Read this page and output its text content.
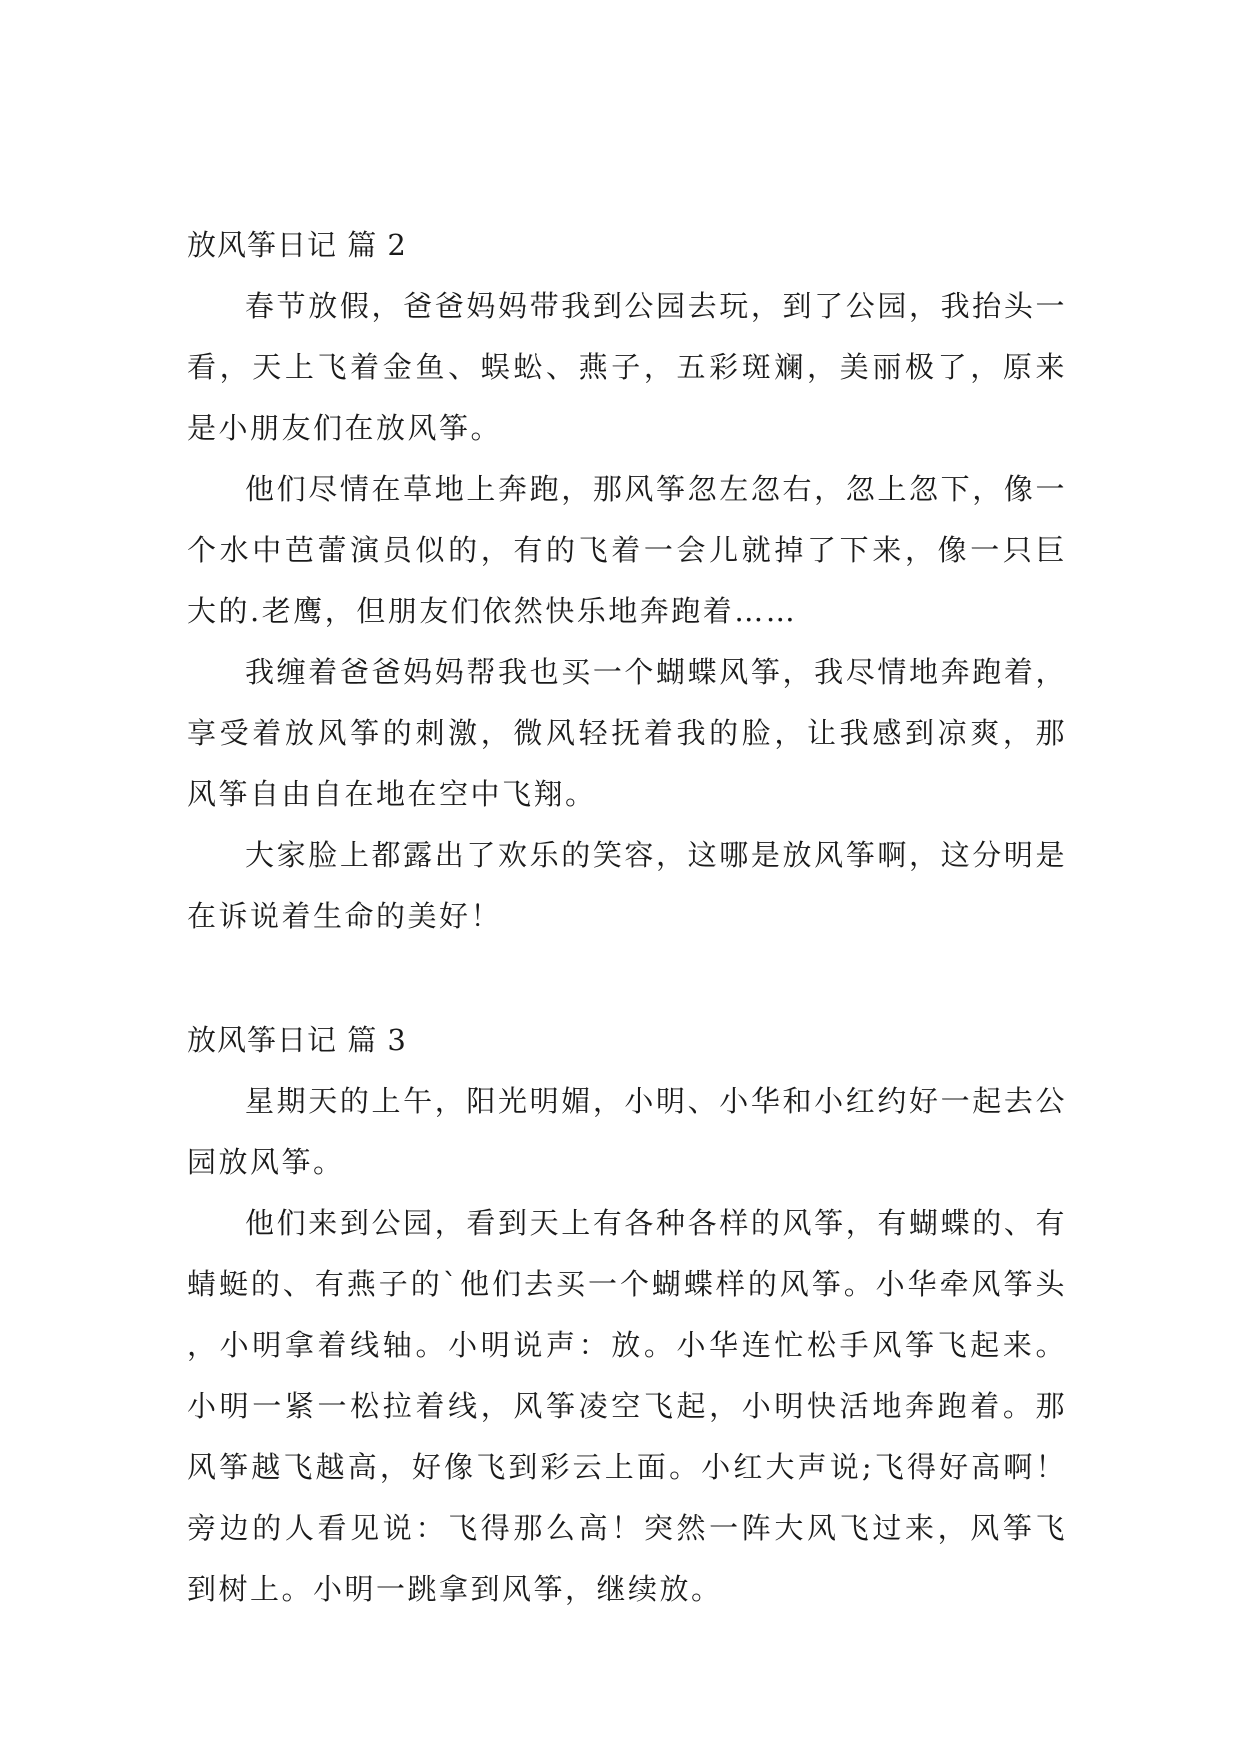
放风筝日记 篇 2

春节放假，爸爸妈妈带我到公园去玩，到了公园，我抬头一看，天上飞着金鱼、蜈蚣、燕子，五彩斑斓，美丽极了，原来是小朋友们在放风筝。

他们尽情在草地上奔跑，那风筝忽左忽右，忽上忽下，像一个水中芭蕾演员似的，有的飞着一会儿就掉了下来，像一只巨大的.老鹰，但朋友们依然快乐地奔跑着……

我缠着爸爸妈妈帮我也买一个蝴蝶风筝，我尽情地奔跑着，享受着放风筝的刺激，微风轻抚着我的脸，让我感到凉爽，那风筝自由自在地在空中飞翔。

大家脸上都露出了欢乐的笑容，这哪是放风筝啊，这分明是在诉说着生命的美好！

放风筝日记 篇 3

星期天的上午，阳光明媚，小明、小华和小红约好一起去公园放风筝。

他们来到公园，看到天上有各种各样的风筝，有蝴蝶的、有蜻蜓的、有燕子的`他们去买一个蝴蝶样的风筝。小华牵风筝头，小明拿着线轴。小明说声：放。小华连忙松手风筝飞起来。小明一紧一松拉着线，风筝凌空飞起，小明快活地奔跑着。那风筝越飞越高，好像飞到彩云上面。小红大声说;飞得好高啊！旁边的人看见说：飞得那么高！突然一阵大风飞过来，风筝飞到树上。小明一跳拿到风筝，继续放。
